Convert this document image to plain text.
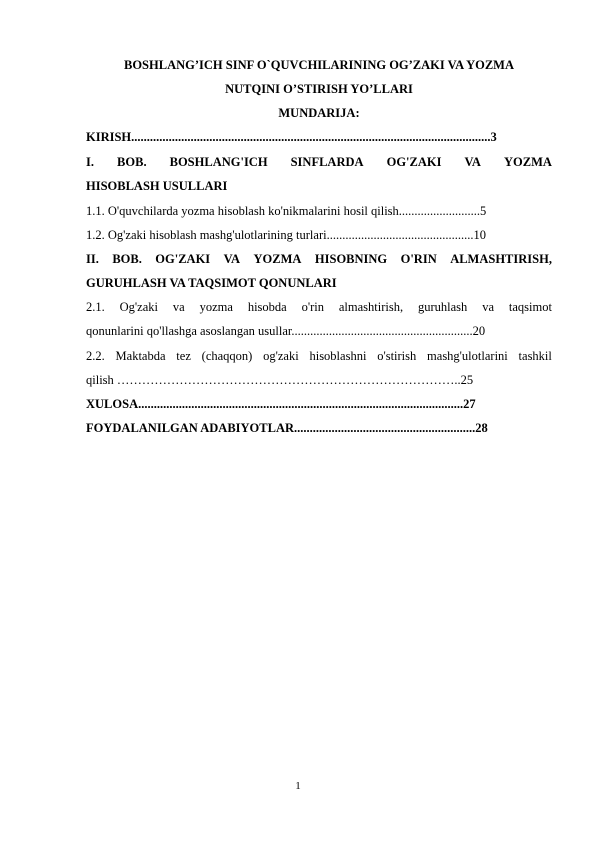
BOSHLANG’ICH SINF O`QUVCHILARINING OG’ZAKI VA YOZMA
NUTQINI O’STIRISH YO’LLARI
MUNDARIJA:
KIRISH...................................................................................................................3
I. BOB. BOSHLANG'ICH SINFLARDA OG'ZAKI VA YOZMA
HISOBLASH USULLARI
1.1. O'quvchilarda yozma hisoblash ko'nikmalarini hosil qilish..........................5
1.2. Og'zaki hisoblash mashg'ulotlarining turlari...............................................10
II. BOB. OG'ZAKI VA YOZMA HISOBNING O'RIN ALMASHTIRISH,
GURUHLASH VA TAQSIMOT QONUNLARI
2.1. Og'zaki va yozma hisobda o'rin almashtirish, guruhlash va taqsimot
qonunlarini qo'llashga asoslangan usullar..........................................................20
2.2. Maktabda tez (chaqqon) og'zaki hisoblashni o'stirish mashg'ulotlarini tashkil
qilish ………………………………………………………………………..25
XULOSA........................................................................................................27
FOYDALANILGAN ADABIYOTLAR..........................................................28
1
